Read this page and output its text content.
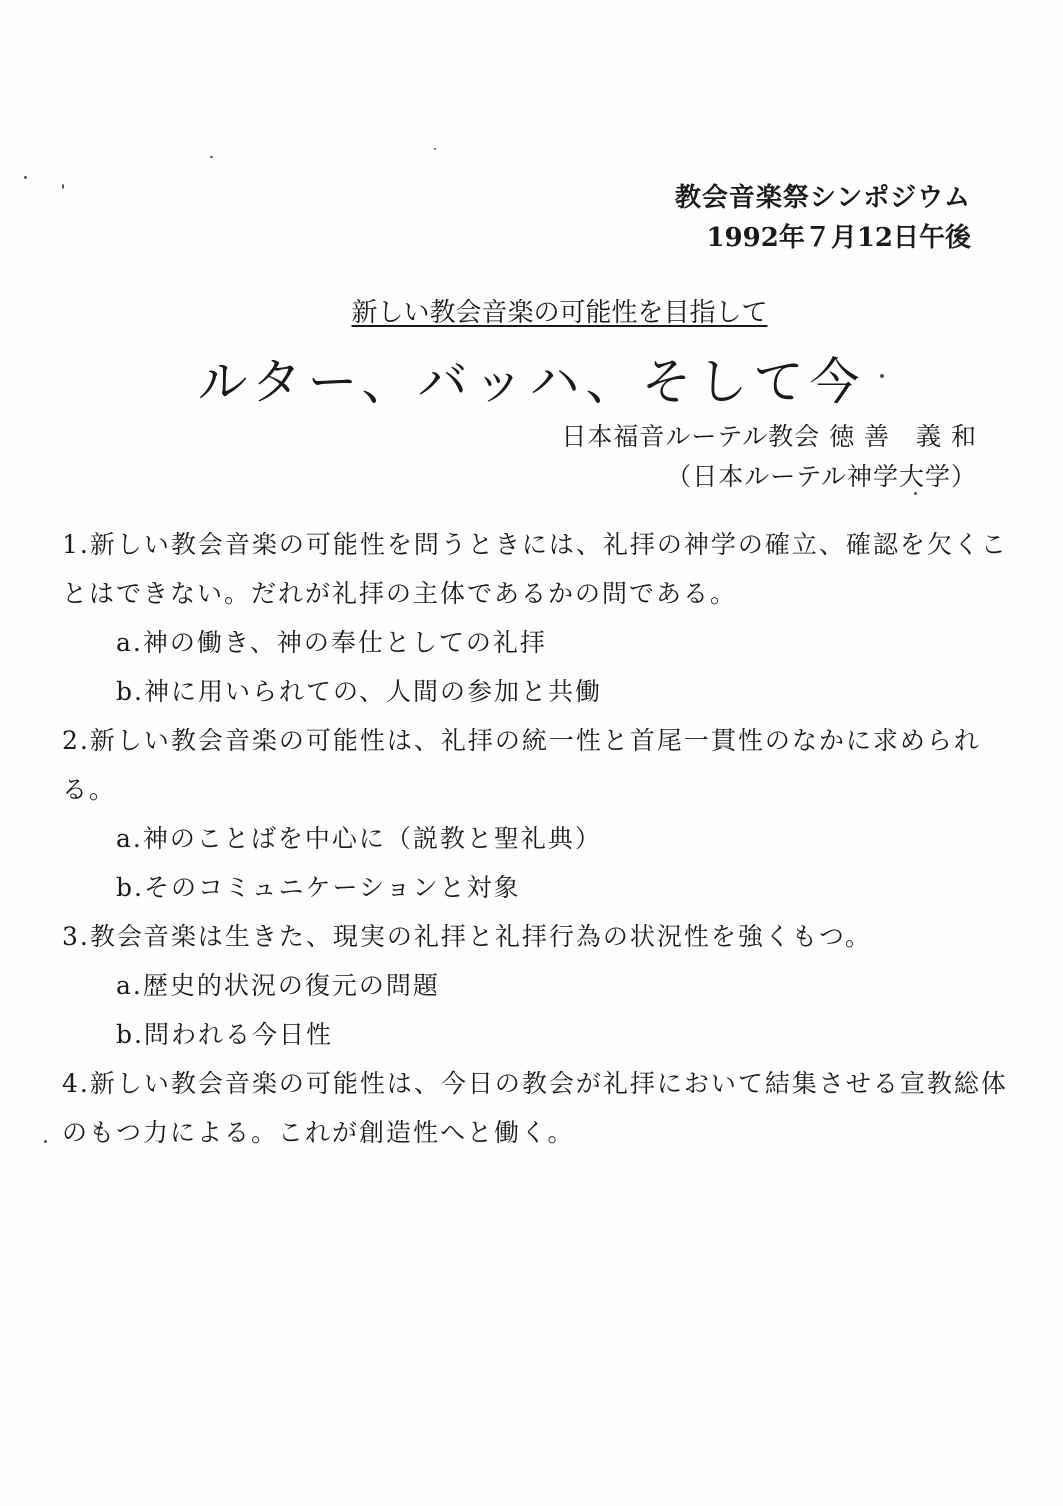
教会音楽祭シンポジウム
1992年７月12日午後
新しい教会音楽の可能性を目指して
ルター、バッハ、そして今
日本福音ルーテル教会 徳 善　義 和
（日本ルーテル神学大学）
1.新しい教会音楽の可能性を問うときには、礼拝の神学の確立、確認を欠くこ
とはできない。だれが礼拝の主体であるかの問である。
a.神の働き、神の奉仕としての礼拝
b.神に用いられての、人間の参加と共働
2.新しい教会音楽の可能性は、礼拝の統一性と首尾一貫性のなかに求められる。
a.神のことばを中心に（説教と聖礼典）
b.そのコミュニケーションと対象
3.教会音楽は生きた、現実の礼拝と礼拝行為の状況性を強くもつ。
a.歴史的状況の復元の問題
b.問われる今日性
4.新しい教会音楽の可能性は、今日の教会が礼拝において結集させる宣教総体
のもつ力による。これが創造性へと働く。
